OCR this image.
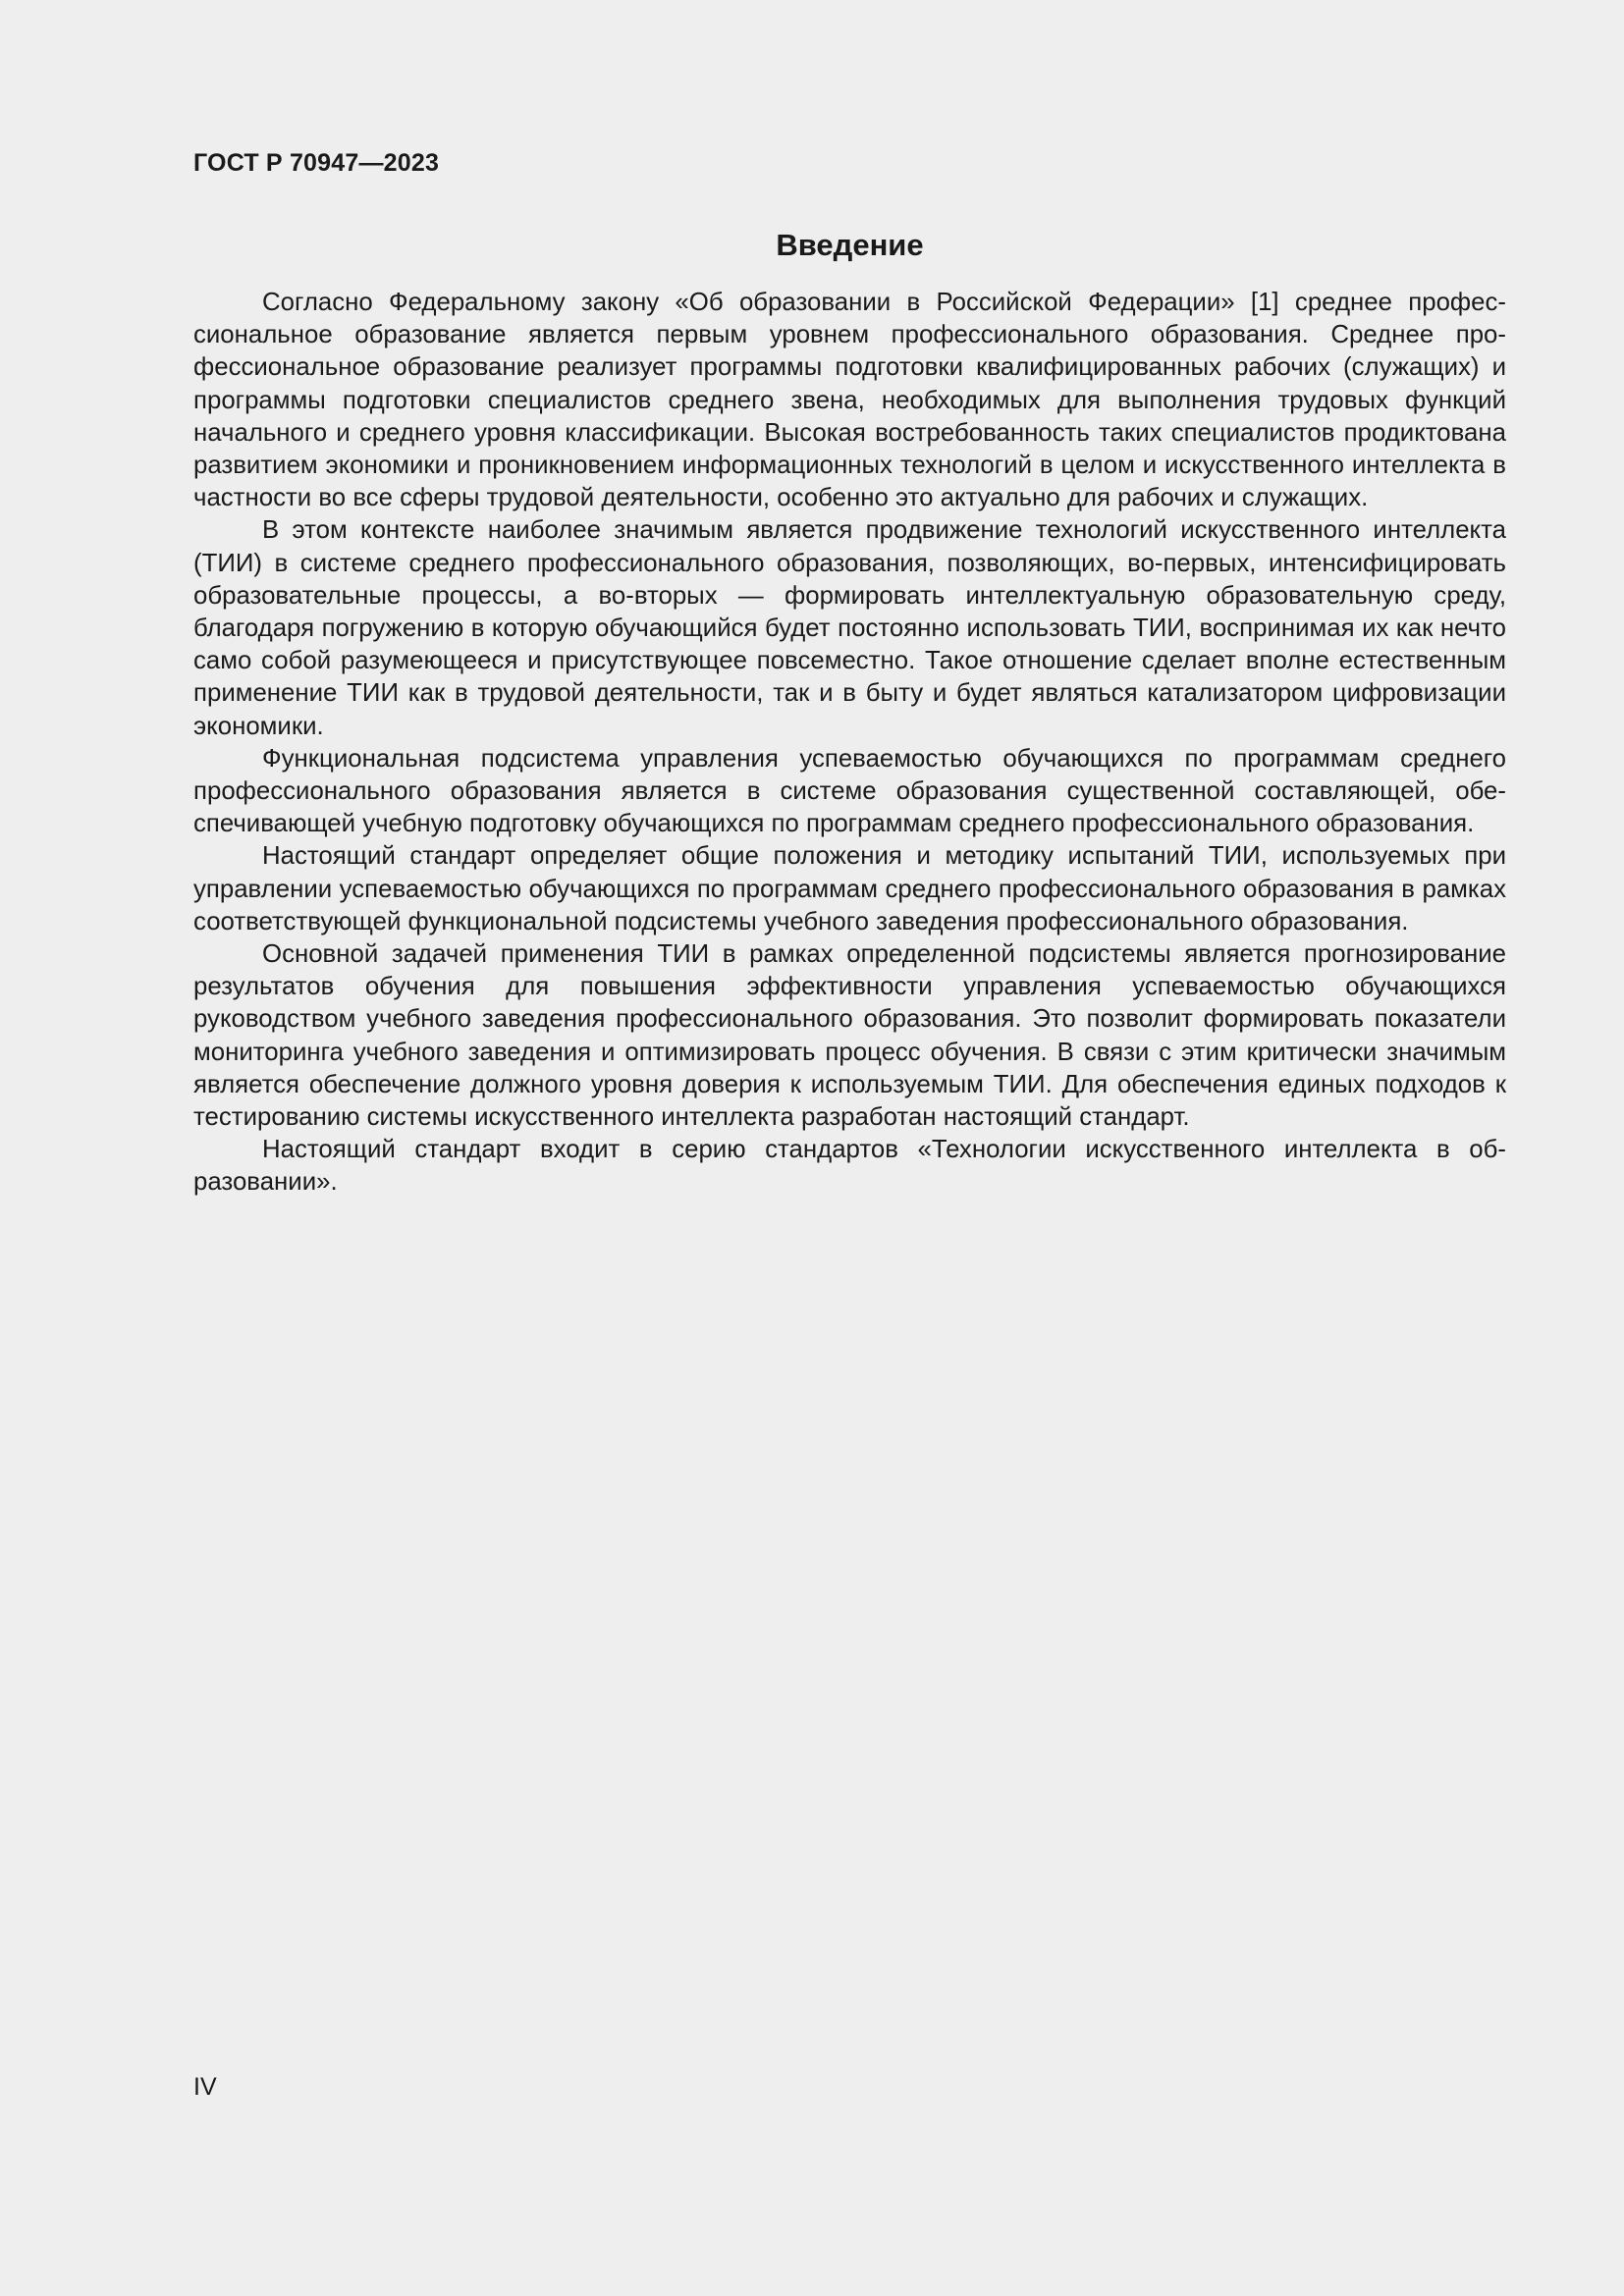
ГОСТ Р 70947—2023
Введение

Согласно Федеральному закону «Об образовании в Российской Федерации» [1] среднее профессиональное образование является первым уровнем профессионального образования. Среднее профессиональное образование реализует программы подготовки квалифицированных рабочих (служащих) и программы подготовки специалистов среднего звена, необходимых для выполнения трудовых функций начального и среднего уровня классификации. Высокая востребованность таких специалистов продиктована развитием экономики и проникновением информационных технологий в целом и искусственного интеллекта в частности во все сферы трудовой деятельности, особенно это актуально для рабочих и служащих.

В этом контексте наиболее значимым является продвижение технологий искусственного интеллекта (ТИИ) в системе среднего профессионального образования, позволяющих, во-первых, интенсифицировать образовательные процессы, а во-вторых — формировать интеллектуальную образовательную среду, благодаря погружению в которую обучающийся будет постоянно использовать ТИИ, воспринимая их как нечто само собой разумеющееся и присутствующее повсеместно. Такое отношение сделает вполне естественным применение ТИИ как в трудовой деятельности, так и в быту и будет являться катализатором цифровизации экономики.

Функциональная подсистема управления успеваемостью обучающихся по программам среднего профессионального образования является в системе образования существенной составляющей, обеспечивающей учебную подготовку обучающихся по программам среднего профессионального образования.

Настоящий стандарт определяет общие положения и методику испытаний ТИИ, используемых при управлении успеваемостью обучающихся по программам среднего профессионального образования в рамках соответствующей функциональной подсистемы учебного заведения профессионального образования.

Основной задачей применения ТИИ в рамках определенной подсистемы является прогнозирование результатов обучения для повышения эффективности управления успеваемостью обучающихся руководством учебного заведения профессионального образования. Это позволит формировать показатели мониторинга учебного заведения и оптимизировать процесс обучения. В связи с этим критически значимым является обеспечение должного уровня доверия к используемым ТИИ. Для обеспечения единых подходов к тестированию системы искусственного интеллекта разработан настоящий стандарт.

Настоящий стандарт входит в серию стандартов «Технологии искусственного интеллекта в образовании».

IV
